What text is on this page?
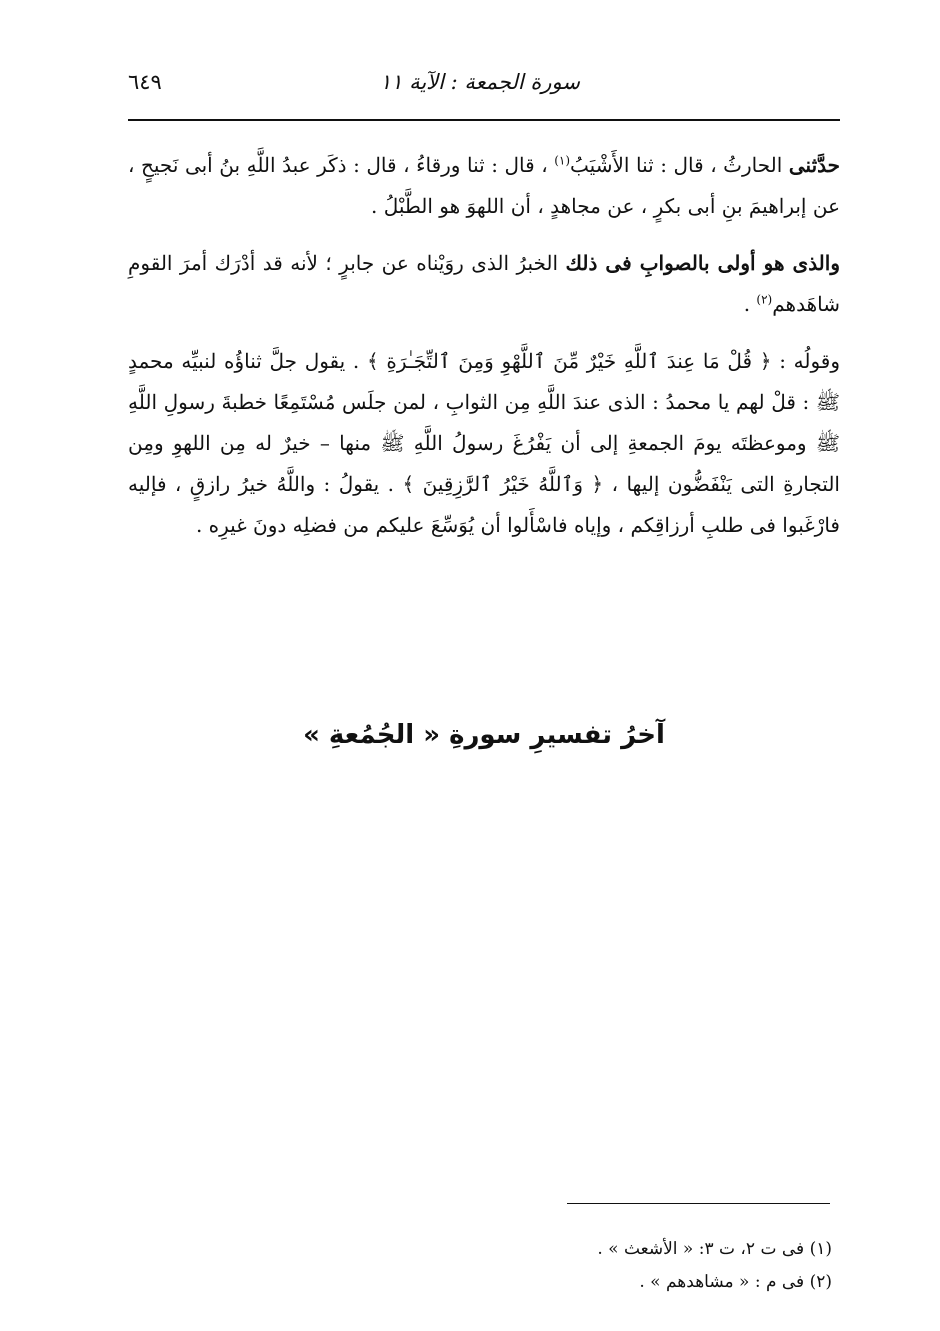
٦٤٩	سورة الجمعة : الآية ١١

حدَّثنى الحارثُ ، قال : ثنا الأَشْيَبُ$^{(١)}$ ، قال : ثنا ورقاءُ ، قال : ذكَر عبدُ اللَّهِ بنُ أبى نَجيحٍ ، عن إبراهيمَ بنِ أبى بكرٍ ، عن مجاهدٍ ، أن اللهوَ هو الطَّبْلُ .

والذى هو أولى بالصوابِ فى ذلك الخبرُ الذى روَيْناه عن جابرٍ ؛ لأنه قد أدْرَك أمرَ القومِ شاهَدهم$^{(٢)}$ .

وقولُه : ﴿ قُلْ مَا عِندَ ٱللَّهِ خَيْرٌ مِّنَ ٱللَّهْوِ وَمِنَ ٱلتِّجَـٰرَةِ ﴾ . يقول جلَّ ثناؤُه لنبيِّه محمدٍ ﷺ : قلْ لهم يا محمدُ : الذى عندَ اللَّهِ مِن الثوابِ ، لمن جلَس مُسْتَمِعًا خطبةَ رسولِ اللَّهِ ﷺ وموعظتَه يومَ الجمعةِ إلى أن يَفْرُغَ رسولُ اللَّهِ ﷺ منها – خيرٌ له مِن اللهوِ ومِن التجارةِ التى يَنْفَضُّون إليها ، ﴿ وَٱللَّهُ خَيْرُ ٱلرَّٰزِقِينَ ﴾ . يقولُ : واللَّهُ خيرُ رازقٍ ، فإليه فارْغَبوا فى طلبِ أرزاقِكم ، وإياه فاسْأَلوا أن يُوَسِّعَ عليكم من فضلِه دونَ غيرِه .

آخرُ تفسيرِ سورةِ « الجُمُعةِ »

(١) فى ت ٢، ت ٣: « الأشعث » .

(٢) فى م : « مشاهدهم » .
